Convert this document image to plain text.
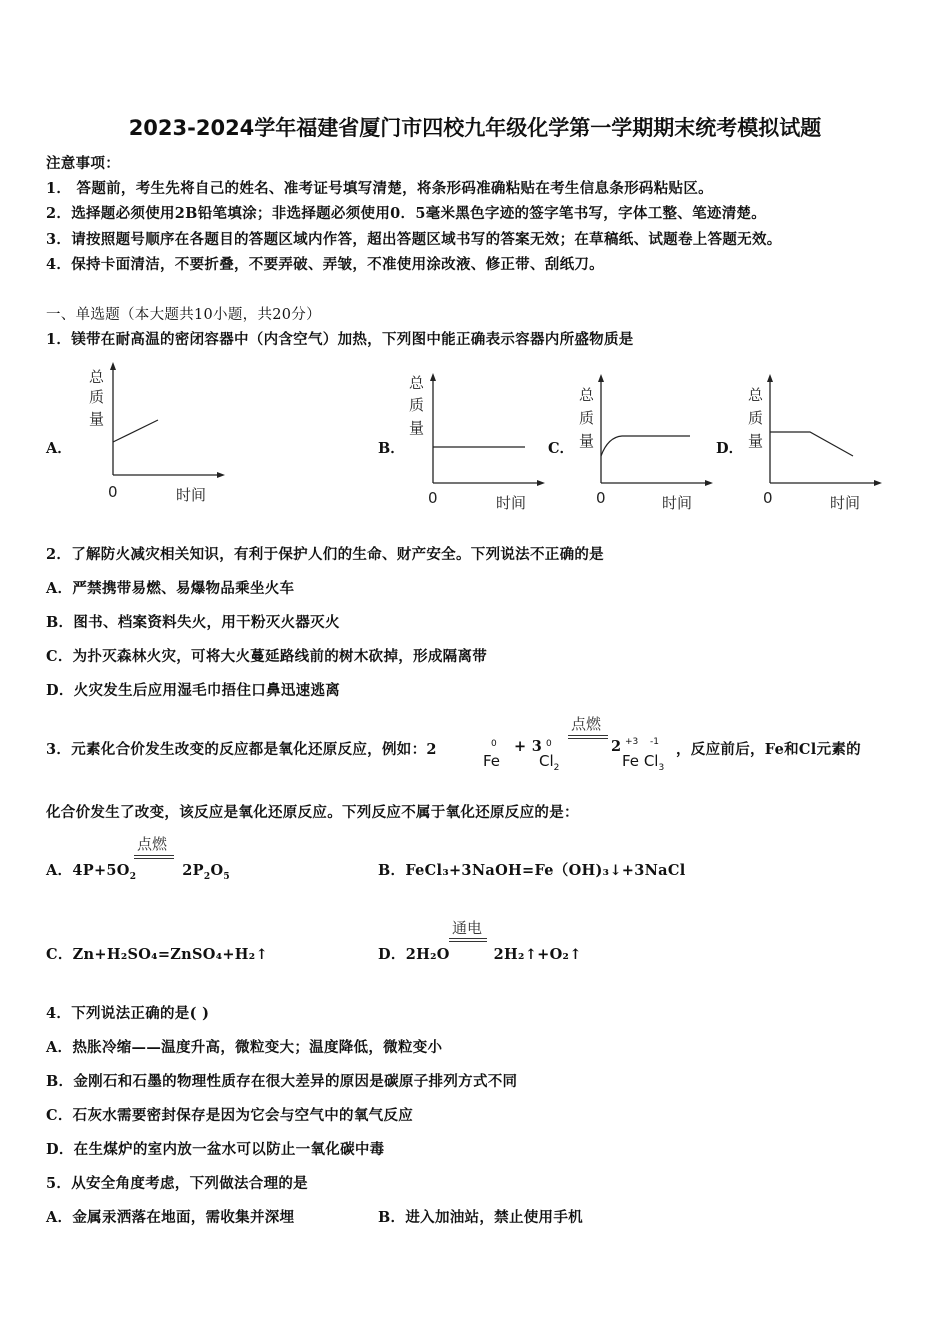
2023-2024学年福建省厦门市四校九年级化学第一学期期末统考模拟试题
注意事项：
1． 答题前，考生先将自己的姓名、准考证号填写清楚，将条形码准确粘贴在考生信息条形码粘贴区。
2．选择题必须使用2B铅笔填涂；非选择题必须使用0．5毫米黑色字迹的签字笔书写，字体工整、笔迹清楚。
3．请按照题号顺序在各题目的答题区域内作答，超出答题区域书写的答案无效；在草稿纸、试题卷上答题无效。
4．保持卡面清洁，不要折叠，不要弄破、弄皱，不准使用涂改液、修正带、刮纸刀。
一、单选题（本大题共10小题，共20分）
1．镁带在耐高温的密闭容器中（内含空气）加热，下列图中能正确表示容器内所盛物质是
A．
总
质
量
0	时间
B．
总
质
量
0	时间
C．
总
质
量
0	时间
D．
总
质
量
0	时间
2．了解防火减灾相关知识，有利于保护人们的生命、财产安全。下列说法不正确的是
A．严禁携带易燃、易爆物品乘坐火车
B．图书、档案资料失火，用干粉灭火器灭火
C．为扑灭森林火灾，可将大火蔓延路线前的树木砍掉，形成隔离带
D．火灾发生后应用湿毛巾捂住口鼻迅速逃离
3．元素化合价发生改变的反应都是氧化还原反应，例如：2	0
Fe
+ 3 0
$Cl_2$
点燃
2 +3 -1
Fe $Cl_3$
，反应前后，Fe和Cl元素的
化合价发生了改变，该反应是氧化还原反应。下列反应不属于氧化还原反应的是：
点燃
A．$4P+5O_2$	$2P_2O_5$	B．FeCl₃+3NaOH=Fe（OH)₃↓+3NaCl
C．Zn+H₂SO₄=ZnSO₄+H₂↑
通电
D．2H₂O	2H₂↑+O₂↑
4．下列说法正确的是( )
A．热胀冷缩——温度升高，微粒变大；温度降低，微粒变小
B．金刚石和石墨的物理性质存在很大差异的原因是碳原子排列方式不同
C．石灰水需要密封保存是因为它会与空气中的氧气反应
D．在生煤炉的室内放一盆水可以防止一氧化碳中毒
5．从安全角度考虑，下列做法合理的是
A．金属汞洒落在地面，需收集并深埋	B．进入加油站，禁止使用手机
